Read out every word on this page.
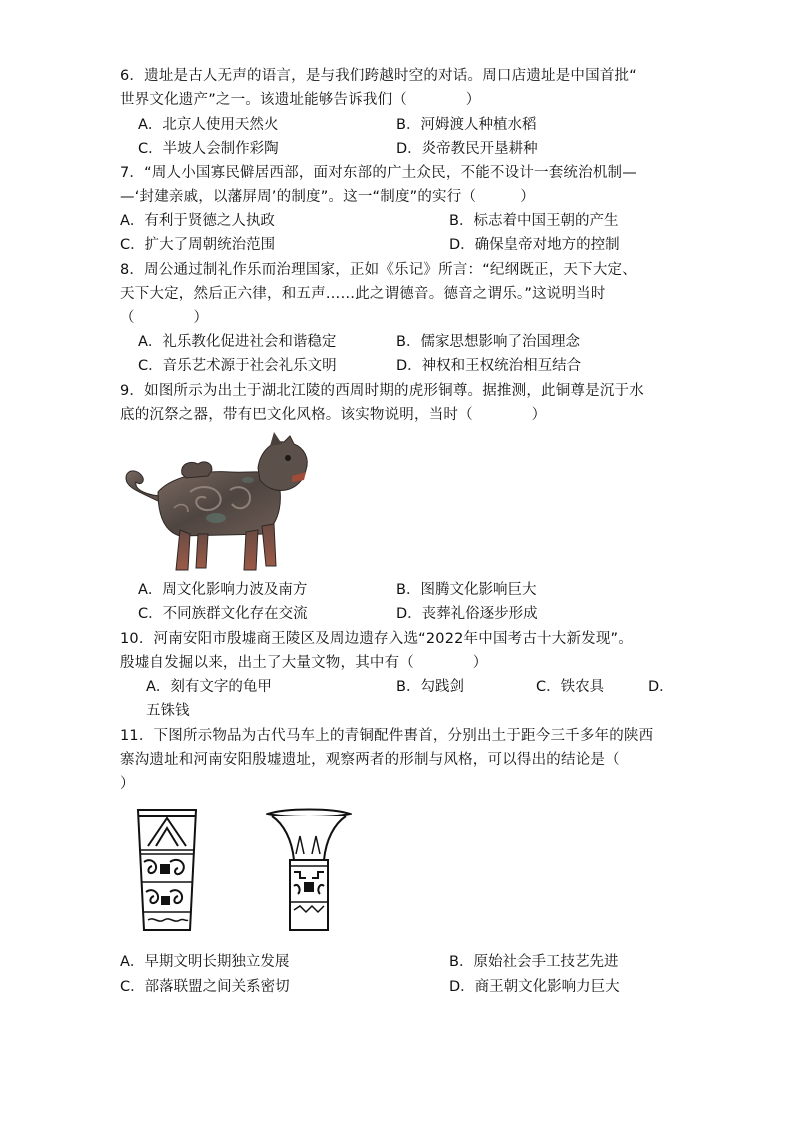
6．遗址是古人无声的语言，是与我们跨越时空的对话。周口店遗址是中国首批“
世界文化遗产”之一。该遗址能够告诉我们（　　　　）
A．北京人使用天然火	B．河姆渡人种植水稻
C．半坡人会制作彩陶	D．炎帝教民开垦耕种
7．“周人小国寡民僻居西部，面对东部的广土众民，不能不设计一套统治机制—
—‘封建亲戚，以藩屏周’的制度”。这一“制度”的实行（　　　）
A．有利于贤德之人执政	B．标志着中国王朝的产生
C．扩大了周朝统治范围	D．确保皇帝对地方的控制
8．周公通过制礼作乐而治理国家，正如《乐记》所言：“纪纲既正，天下大定、
天下大定，然后正六律，和五声……此之谓德音。德音之谓乐。”这说明当时
（　　　　）
A．礼乐教化促进社会和谐稳定	B．儒家思想影响了治国理念
C．音乐艺术源于社会礼乐文明	D．神权和王权统治相互结合
9．如图所示为出土于湖北江陵的西周时期的虎形铜尊。据推测，此铜尊是沉于水
底的沉祭之器，带有巴文化风格。该实物说明，当时（　　　　）
A．周文化影响力波及南方	B．图腾文化影响巨大
C．不同族群文化存在交流	D．丧葬礼俗逐步形成
10．河南安阳市殷墟商王陵区及周边遗存入选“2022年中国考古十大新发现”。
殷墟自发掘以来，出土了大量文物，其中有（　　　　）
A．刻有文字的龟甲	B．勾践剑	C．铁农具	D．
五铢钱
11．下图所示物品为古代马车上的青铜配件軎首，分别出土于距今三千多年的陕西
寨沟遗址和河南安阳殷墟遗址，观察两者的形制与风格，可以得出的结论是（
）
A．早期文明长期独立发展	B．原始社会手工技艺先进
C．部落联盟之间关系密切	D．商王朝文化影响力巨大
